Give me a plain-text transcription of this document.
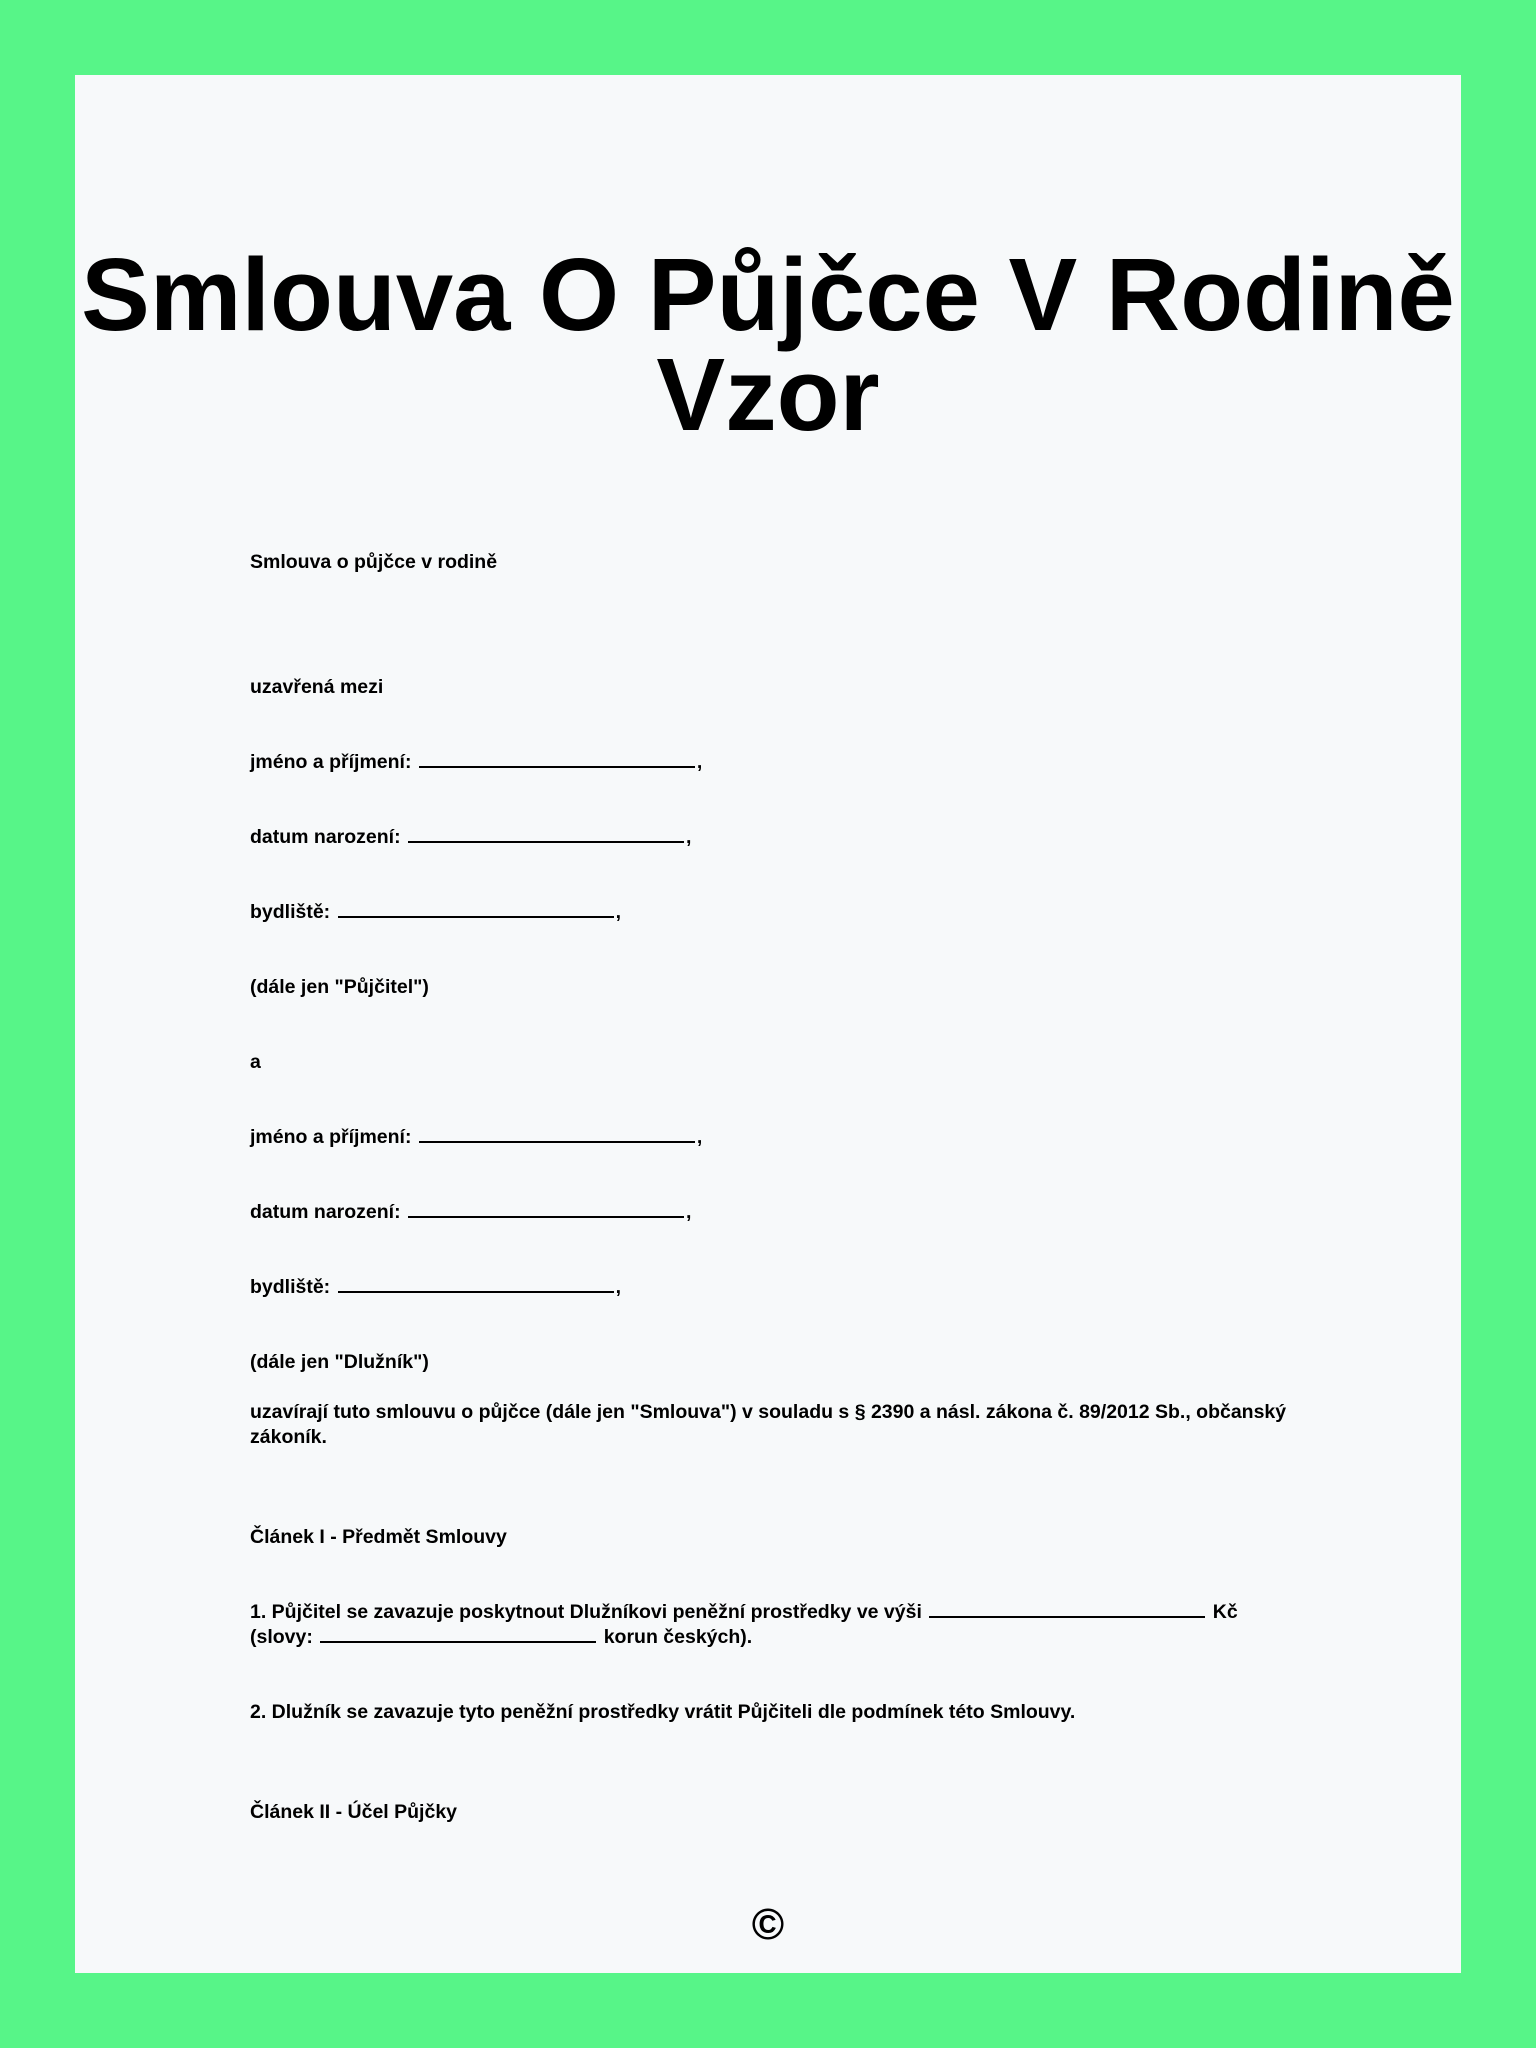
Smlouva O Půjčce V Rodině
Vzor
Smlouva o půjčce v rodině
uzavřená mezi
jméno a příjmení:	,
datum narození:	,
bydliště:	,
(dále jen "Půjčitel")
a
jméno a příjmení:	,
datum narození:	,
bydliště:	,
(dále jen "Dlužník")
uzavírají tuto smlouvu o půjčce (dále jen "Smlouva") v souladu s § 2390 a násl. zákona č. 89/2012 Sb., občanský zákoník.
Článek I - Předmět Smlouvy
1. Půjčitel se zavazuje poskytnout Dlužníkovi peněžní prostředky ve výši	Kč
(slovy:	korun českých).
2. Dlužník se zavazuje tyto peněžní prostředky vrátit Půjčiteli dle podmínek této Smlouvy.
Článek II - Účel Půjčky
©
